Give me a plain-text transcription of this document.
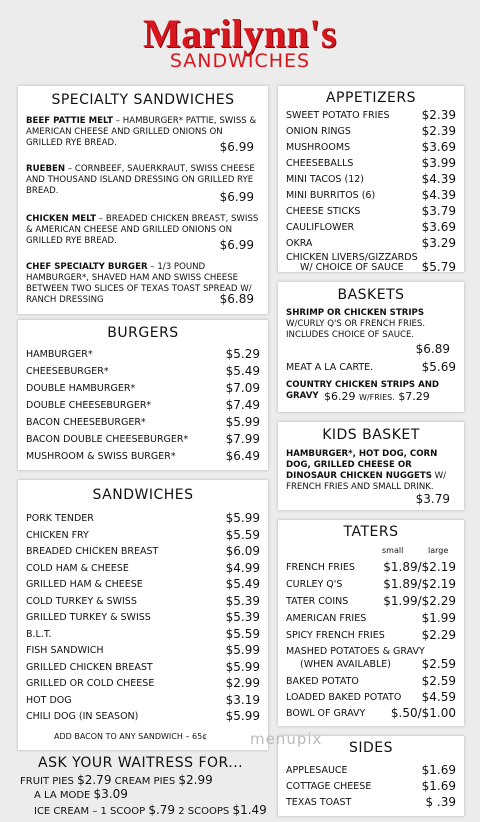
Marilynn's
SANDWICHES
SPECIALTY SANDWICHES
BEEF PATTIE MELT – HAMBURGER* PATTIE, SWISS & AMERICAN CHEESE AND GRILLED ONIONS ON GRILLED RYE BREAD.	$6.99
RUEBEN – CORNBEEF, SAUERKRAUT, SWISS CHEESE AND THOUSAND ISLAND DRESSING ON GRILLED RYE BREAD.	$6.99
CHICKEN MELT – BREADED CHICKEN BREAST, SWISS & AMERICAN CHEESE AND GRILLED ONIONS ON GRILLED RYE BREAD.	$6.99
CHEF SPECIALTY BURGER – 1/3 POUND HAMBURGER*, SHAVED HAM AND SWISS CHEESE BETWEEN TWO SLICES OF TEXAS TOAST SPREAD W/ RANCH DRESSING	$6.89
BURGERS
HAMBURGER*	$5.29
CHEESEBURGER*	$5.49
DOUBLE HAMBURGER*	$7.09
DOUBLE CHEESEBURGER*	$7.49
BACON CHEESEBURGER*	$5.99
BACON DOUBLE CHEESEBURGER*	$7.99
MUSHROOM & SWISS BURGER*	$6.49
SANDWICHES
PORK TENDER	$5.99
CHICKEN FRY	$5.59
BREADED CHICKEN BREAST	$6.09
COLD HAM & CHEESE	$4.99
GRILLED HAM & CHEESE	$5.49
COLD TURKEY & SWISS	$5.39
GRILLED TURKEY & SWISS	$5.39
B.L.T.	$5.59
FISH SANDWICH	$5.99
GRILLED CHICKEN BREAST	$5.99
GRILLED OR COLD CHEESE	$2.99
HOT DOG	$3.19
CHILI DOG (IN SEASON)	$5.99
ADD BACON TO ANY SANDWICH – 65¢
APPETIZERS
SWEET POTATO FRIES	$2.39
ONION RINGS	$2.39
MUSHROOMS	$3.69
CHEESEBALLS	$3.99
MINI TACOS (12)	$4.39
MINI BURRITOS (6)	$4.39
CHEESE STICKS	$3.79
CAULIFLOWER	$3.69
OKRA	$3.29
CHICKEN LIVERS/GIZZARDS
W/ CHOICE OF SAUCE $5.79
BASKETS
SHRIMP OR CHICKEN STRIPS
W/CURLY Q'S OR FRENCH FRIES. INCLUDES CHOICE OF SAUCE.
$6.89
MEAT A LA CARTE.	$5.69
COUNTRY CHICKEN STRIPS AND GRAVY $6.29 W/FRIES. $7.29
KIDS BASKET
HAMBURGER*, HOT DOG, CORN DOG, GRILLED CHEESE OR DINOSAUR CHICKEN NUGGETS W/ FRENCH FRIES AND SMALL DRINK.
$3.79
TATERS
small	large
FRENCH FRIES $1.89/$2.19
CURLEY Q'S	$1.89/$2.19
TATER COINS	$1.99/$2.29
AMERICAN FRIES	$1.99
SPICY FRENCH FRIES	$2.29
MASHED POTATOES & GRAVY
(WHEN AVAILABLE)	$2.59
BAKED POTATO	$2.59
LOADED BAKED POTATO $4.59
BOWL OF GRAVY $.50/$1.00
SIDES
APPLESAUCE	$1.69
COTTAGE CHEESE	$1.69
TEXAS TOAST	$ .39
ASK YOUR WAITRESS FOR...
FRUIT PIES $2.79 CREAM PIES $2.99
A LA MODE $3.09
ICE CREAM – 1 SCOOP $.79 2 SCOOPS $1.49
menupix
